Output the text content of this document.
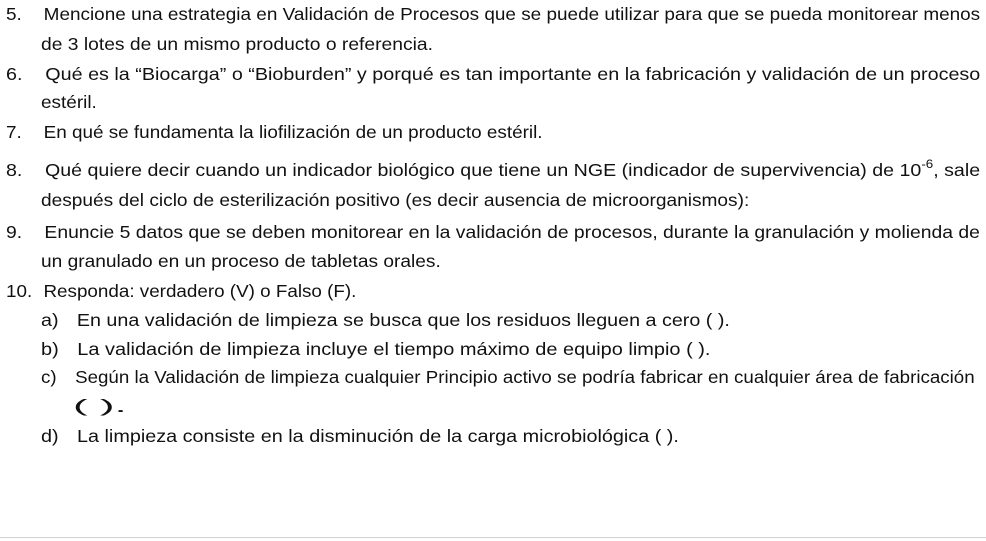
5. Mencione una estrategia en Validación de Procesos que se puede utilizar para que se pueda monitorear menos
de 3 lotes de un mismo producto o referencia.
6. Qué es la “Biocarga” o “Bioburden” y porqué es tan importante en la fabricación y validación de un proceso
estéril.
7. En qué se fundamenta la liofilización de un producto estéril.
8. Qué quiere decir cuando un indicador biológico que tiene un NGE (indicador de supervivencia) de $10^{-6}$, sale
después del ciclo de esterilización positivo (es decir ausencia de microorganismos):
9. Enuncie 5 datos que se deben monitorear en la validación de procesos, durante la granulación y molienda de
un granulado en un proceso de tabletas orales.
10. Responda: verdadero (V) o Falso (F).
a) En una validación de limpieza se busca que los residuos lleguen a cero ( ).
b) La validación de limpieza incluye el tiempo máximo de equipo limpio ( ).
c) Según la Validación de limpieza cualquier Principio activo se podría fabricar en cualquier área de fabricación
( ).
d) La limpieza consiste en la disminución de la carga microbiológica ( ).
